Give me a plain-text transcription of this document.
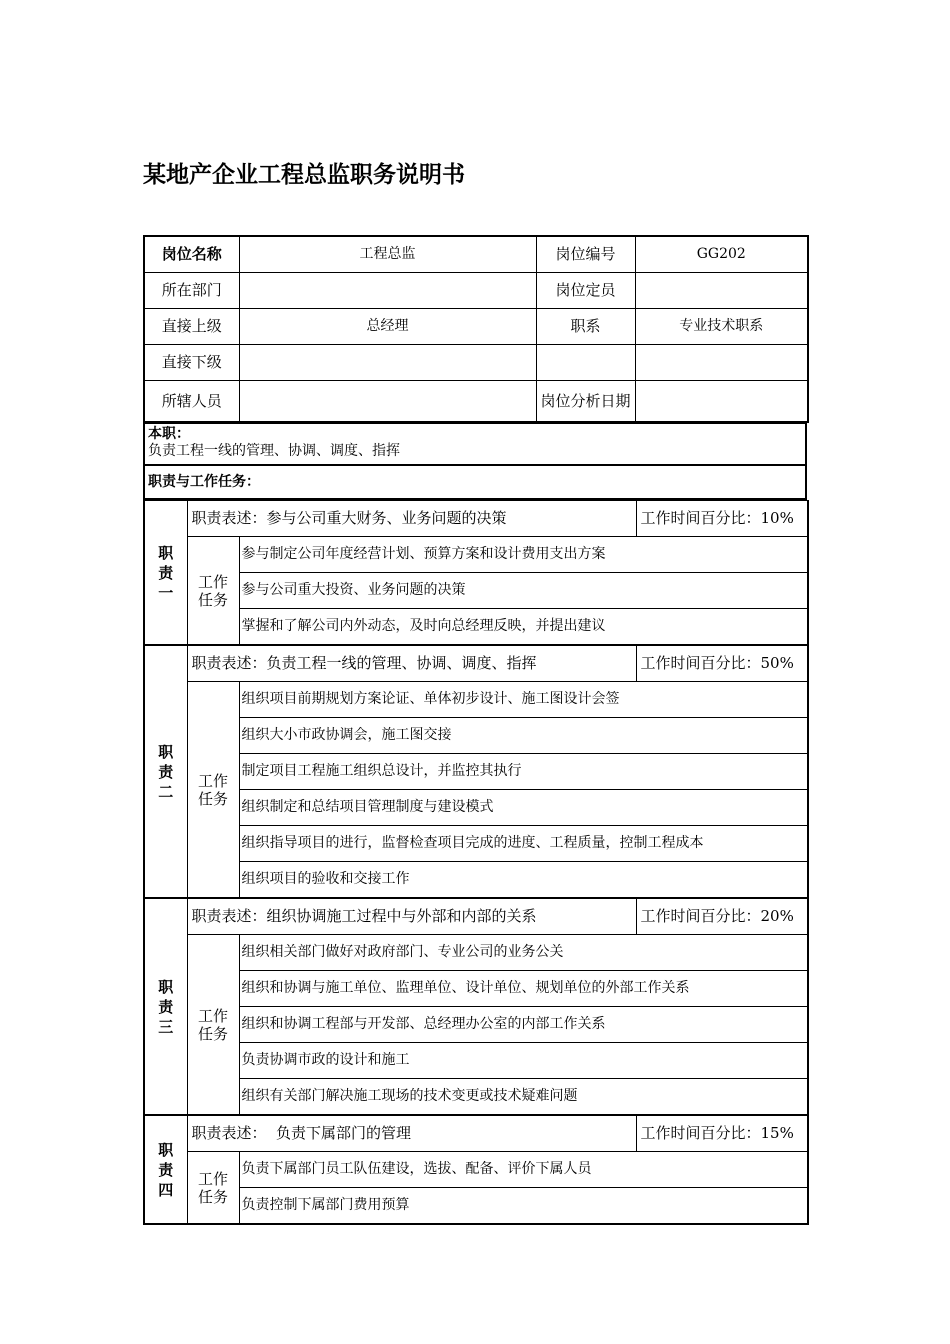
某地产企业工程总监职务说明书
岗位名称	工程总监	岗位编号	GG202
所在部门		岗位定员	
直接上级	总经理	职系	专业技术职系
直接下级			
所辖人员		岗位分析日期	
本职：
负责工程一线的管理、协调、调度、指挥

职责与工作任务：
职责一	职责表述：参与公司重大财务、业务问题的决策		工作时间百分比：10%
	工作任务	参与制定公司年度经营计划、预算方案和设计费用支出方案	
		参与公司重大投资、业务问题的决策	
		掌握和了解公司内外动态，及时向总经理反映，并提出建议	
职责二	职责表述：负责工程一线的管理、协调、调度、指挥		工作时间百分比：50%
	工作任务	组织项目前期规划方案论证、单体初步设计、施工图设计会签	
		组织大小市政协调会，施工图交接	
		制定项目工程施工组织总设计，并监控其执行	
		组织制定和总结项目管理制度与建设模式	
		组织指导项目的进行，监督检查项目完成的进度、工程质量，控制工程成本	
		组织项目的验收和交接工作	
职责三	职责表述：组织协调施工过程中与外部和内部的关系		工作时间百分比：20%
	工作任务	组织相关部门做好对政府部门、专业公司的业务公关	
		组织和协调与施工单位、监理单位、设计单位、规划单位的外部工作关系	
		组织和协调工程部与开发部、总经理办公室的内部工作关系	
		负责协调市政的设计和施工	
		组织有关部门解决施工现场的技术变更或技术疑难问题	
职责四	职责表述：  负责下属部门的管理		工作时间百分比：15%
	工作任务	负责下属部门员工队伍建设，选拔、配备、评价下属人员	
		负责控制下属部门费用预算	
